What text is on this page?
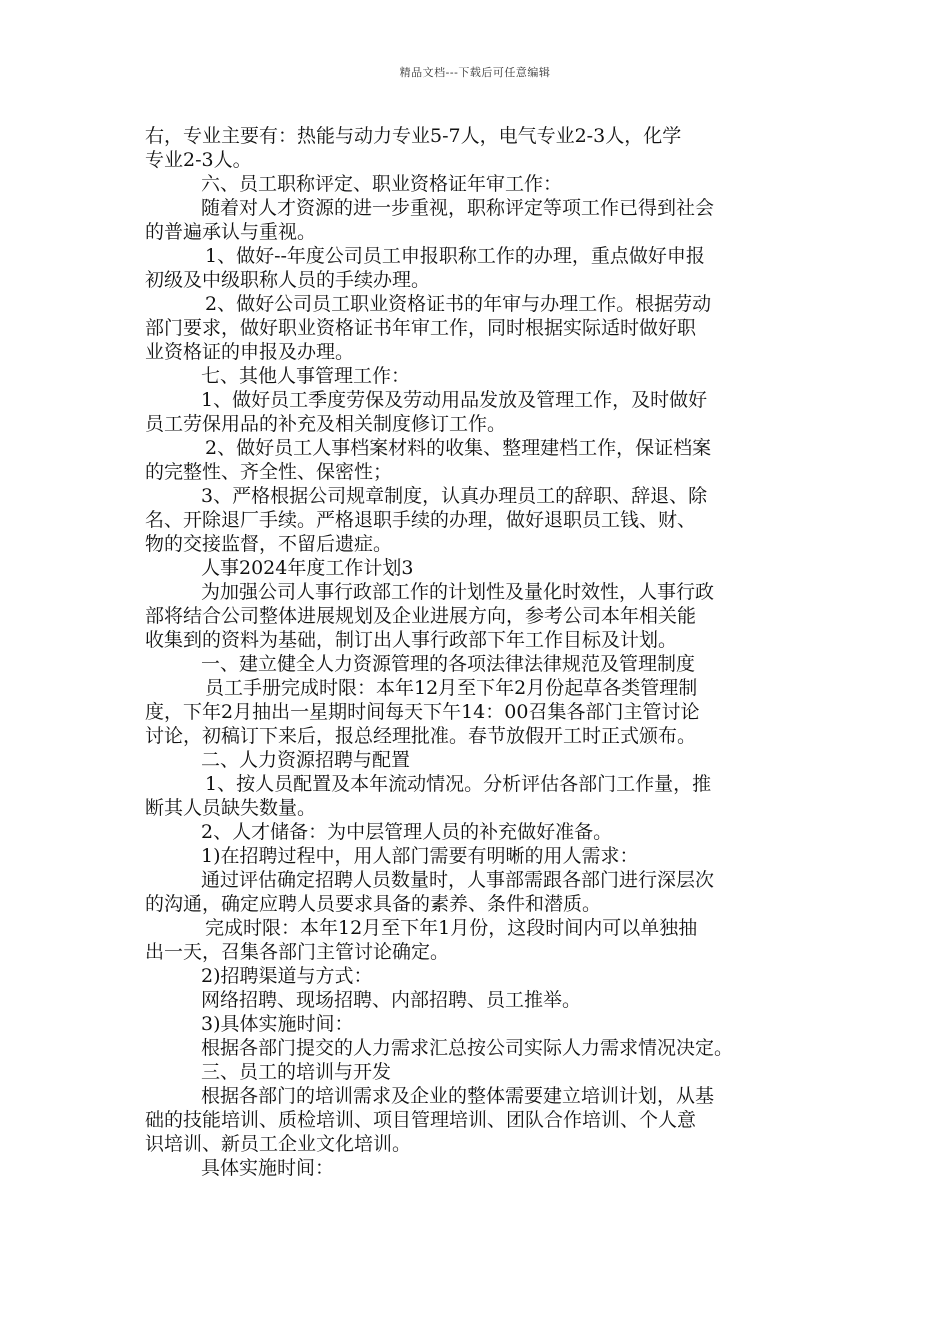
精品文档---下载后可任意编辑

右，专业主要有：热能与动力专业5-7人，电气专业2-3人，化学

专业2-3人。

六、员工职称评定、职业资格证年审工作：

随着对人才资源的进一步重视，职称评定等项工作已得到社会

的普遍承认与重视。

1、做好--年度公司员工申报职称工作的办理，重点做好申报

初级及中级职称人员的手续办理。

2、做好公司员工职业资格证书的年审与办理工作。根据劳动

部门要求，做好职业资格证书年审工作，同时根据实际适时做好职

业资格证的申报及办理。

七、其他人事管理工作：

1、做好员工季度劳保及劳动用品发放及管理工作，及时做好

员工劳保用品的补充及相关制度修订工作。

2、做好员工人事档案材料的收集、整理建档工作，保证档案

的完整性、齐全性、保密性；

3、严格根据公司规章制度，认真办理员工的辞职、辞退、除

名、开除退厂手续。严格退职手续的办理，做好退职员工钱、财、

物的交接监督，不留后遗症。

人事2024年度工作计划3

为加强公司人事行政部工作的计划性及量化时效性，人事行政

部将结合公司整体进展规划及企业进展方向，参考公司本年相关能

收集到的资料为基础，制订出人事行政部下年工作目标及计划。

一、建立健全人力资源管理的各项法律法律规范及管理制度

员工手册完成时限：本年12月至下年2月份起草各类管理制

度，下年2月抽出一星期时间每天下午14：00召集各部门主管讨论

讨论，初稿订下来后，报总经理批准。春节放假开工时正式颁布。

二、人力资源招聘与配置

1、按人员配置及本年流动情况。分析评估各部门工作量，推

断其人员缺失数量。

2、人才储备：为中层管理人员的补充做好准备。

1)在招聘过程中，用人部门需要有明晰的用人需求：

通过评估确定招聘人员数量时，人事部需跟各部门进行深层次

的沟通，确定应聘人员要求具备的素养、条件和潜质。

完成时限：本年12月至下年1月份，这段时间内可以单独抽

出一天，召集各部门主管讨论确定。

2)招聘渠道与方式：

网络招聘、现场招聘、内部招聘、员工推举。

3)具体实施时间：

根据各部门提交的人力需求汇总按公司实际人力需求情况决定。

三、员工的培训与开发

根据各部门的培训需求及企业的整体需要建立培训计划，从基

础的技能培训、质检培训、项目管理培训、团队合作培训、个人意

识培训、新员工企业文化培训。

具体实施时间：
